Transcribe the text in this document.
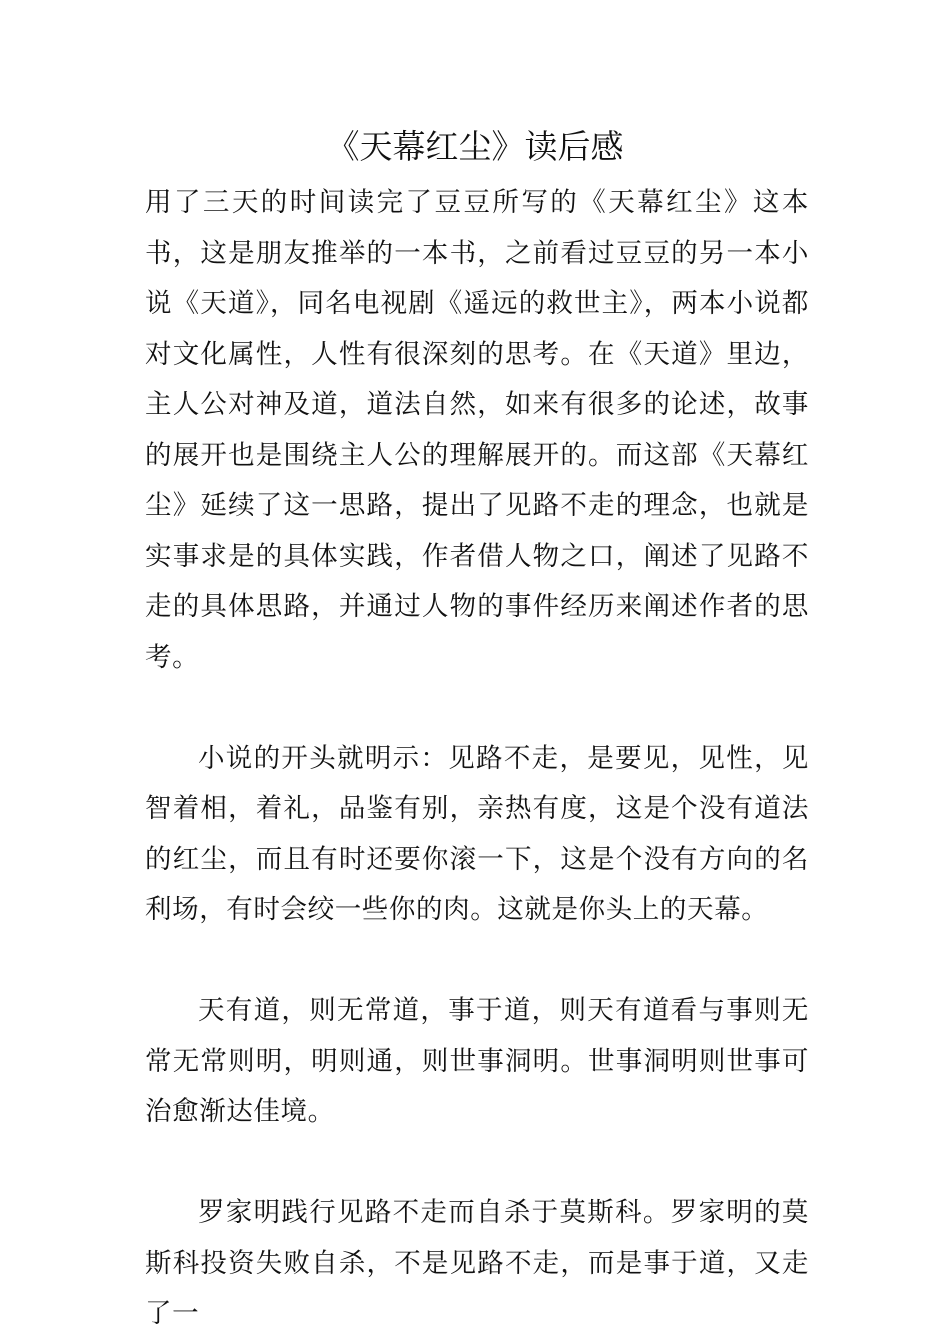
《天幕红尘》读后感

用了三天的时间读完了豆豆所写的《天幕红尘》这本书，这是朋友推举的一本书，之前看过豆豆的另一本小说《天道》，同名电视剧《遥远的救世主》，两本小说都对文化属性，人性有很深刻的思考。在《天道》里边，主人公对神及道，道法自然，如来有很多的论述，故事的展开也是围绕主人公的理解展开的。而这部《天幕红尘》延续了这一思路，提出了见路不走的理念，也就是实事求是的具体实践，作者借人物之口，阐述了见路不走的具体思路，并通过人物的事件经历来阐述作者的思考。

小说的开头就明示：见路不走，是要见，见性，见智着相，着礼，品鉴有别，亲热有度，这是个没有道法的红尘，而且有时还要你滚一下，这是个没有方向的名利场，有时会绞一些你的肉。这就是你头上的天幕。

天有道，则无常道，事于道，则天有道看与事则无常无常则明，明则通，则世事洞明。世事洞明则世事可治愈渐达佳境。

罗家明践行见路不走而自杀于莫斯科。罗家明的莫斯科投资失败自杀，不是见路不走，而是事于道，又走了一
